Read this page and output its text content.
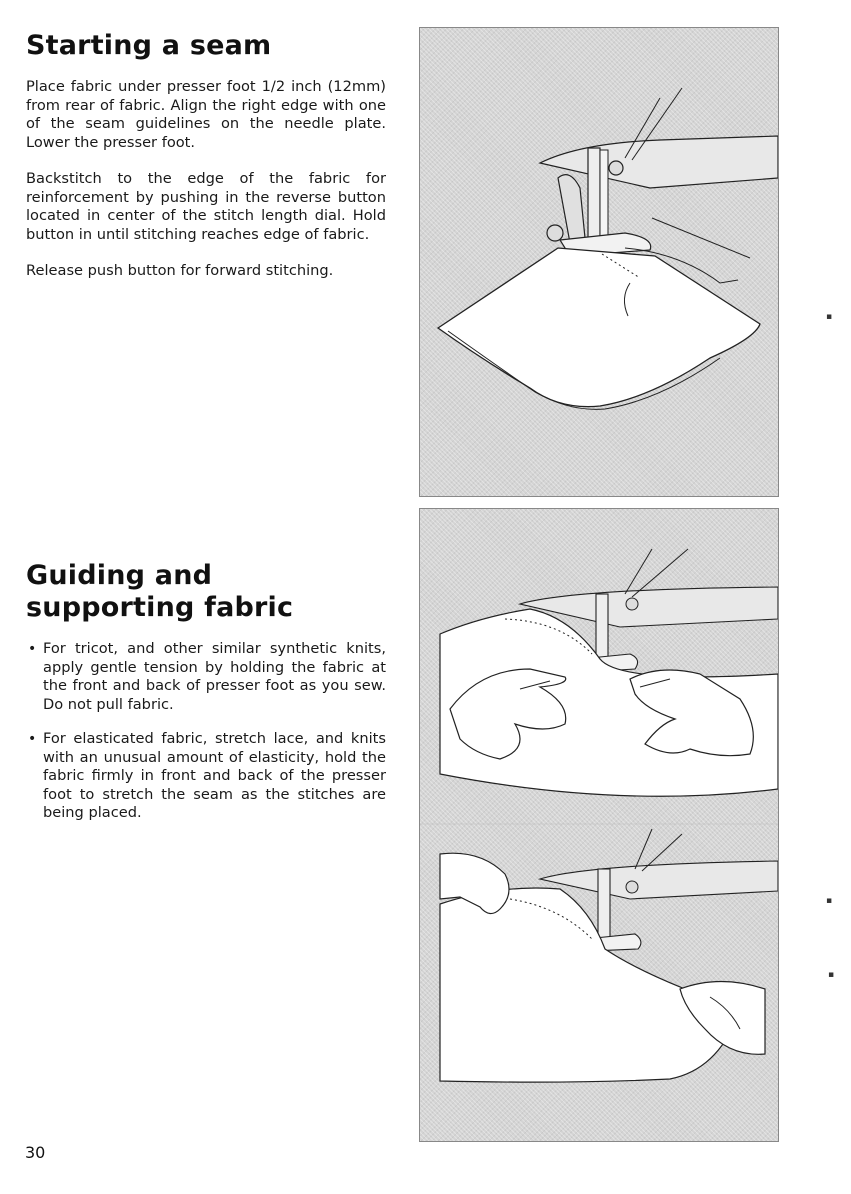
Starting a seam

Place fabric under presser foot 1/2 inch (12mm) from rear of fabric. Align the right edge with one of the seam guidelines on the needle plate. Lower the presser foot.

Backstitch to the edge of the fabric for reinforcement by pushing in the reverse button located in center of the stitch length dial. Hold button in until stitching reaches edge of fabric.

Release push button for forward stitching.

Guiding and
supporting fabric
• For tricot, and other similar synthetic knits, apply gentle tension by holding the fabric at the front and back of presser foot as you sew. Do not pull fabric.
• For elasticated fabric, stretch lace, and knits with an unusual amount of elasticity, hold the fabric firmly in front and back of the presser foot to stretch the seam as the stitches are being placed.
30
▪
▪
▪
